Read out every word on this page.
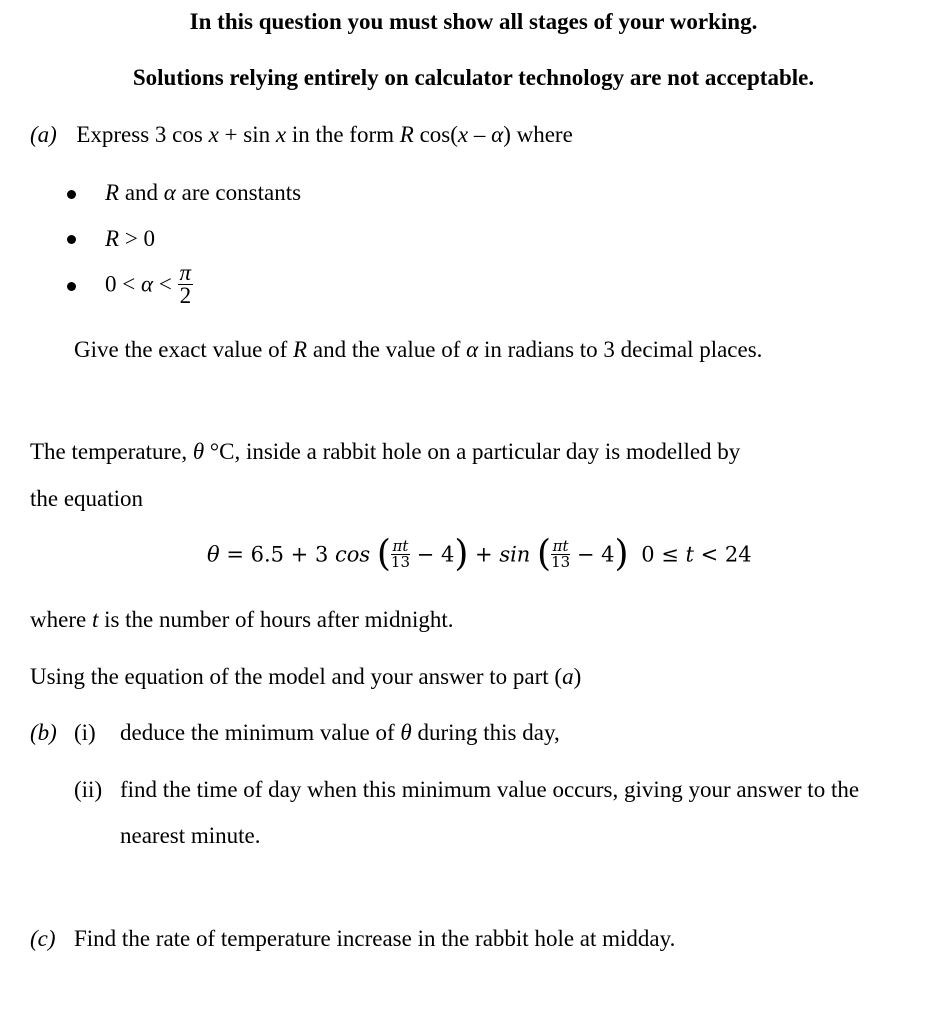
In this question you must show all stages of your working.
Solutions relying entirely on calculator technology are not acceptable.
(a) Express 3 cos x + sin x in the form R cos(x – α) where
R and α are constants
R > 0
$0 < \alpha < \frac{\pi}{2}$
Give the exact value of R and the value of α in radians to 3 decimal places.
The temperature, θ °C, inside a rabbit hole on a particular day is modelled by
the equation
θ = 6.5 + 3 cos ( $\frac{\pi t}{13} - 4) + \sin$ ( $\frac{\pi t}{13} - 4$) 0 ≤ t < 24
where t is the number of hours after midnight.
Using the equation of the model and your answer to part (a)
(b) (i) deduce the minimum value of θ during this day,
(ii) find the time of day when this minimum value occurs, giving your answer to the
nearest minute.
(c) Find the rate of temperature increase in the rabbit hole at midday.
